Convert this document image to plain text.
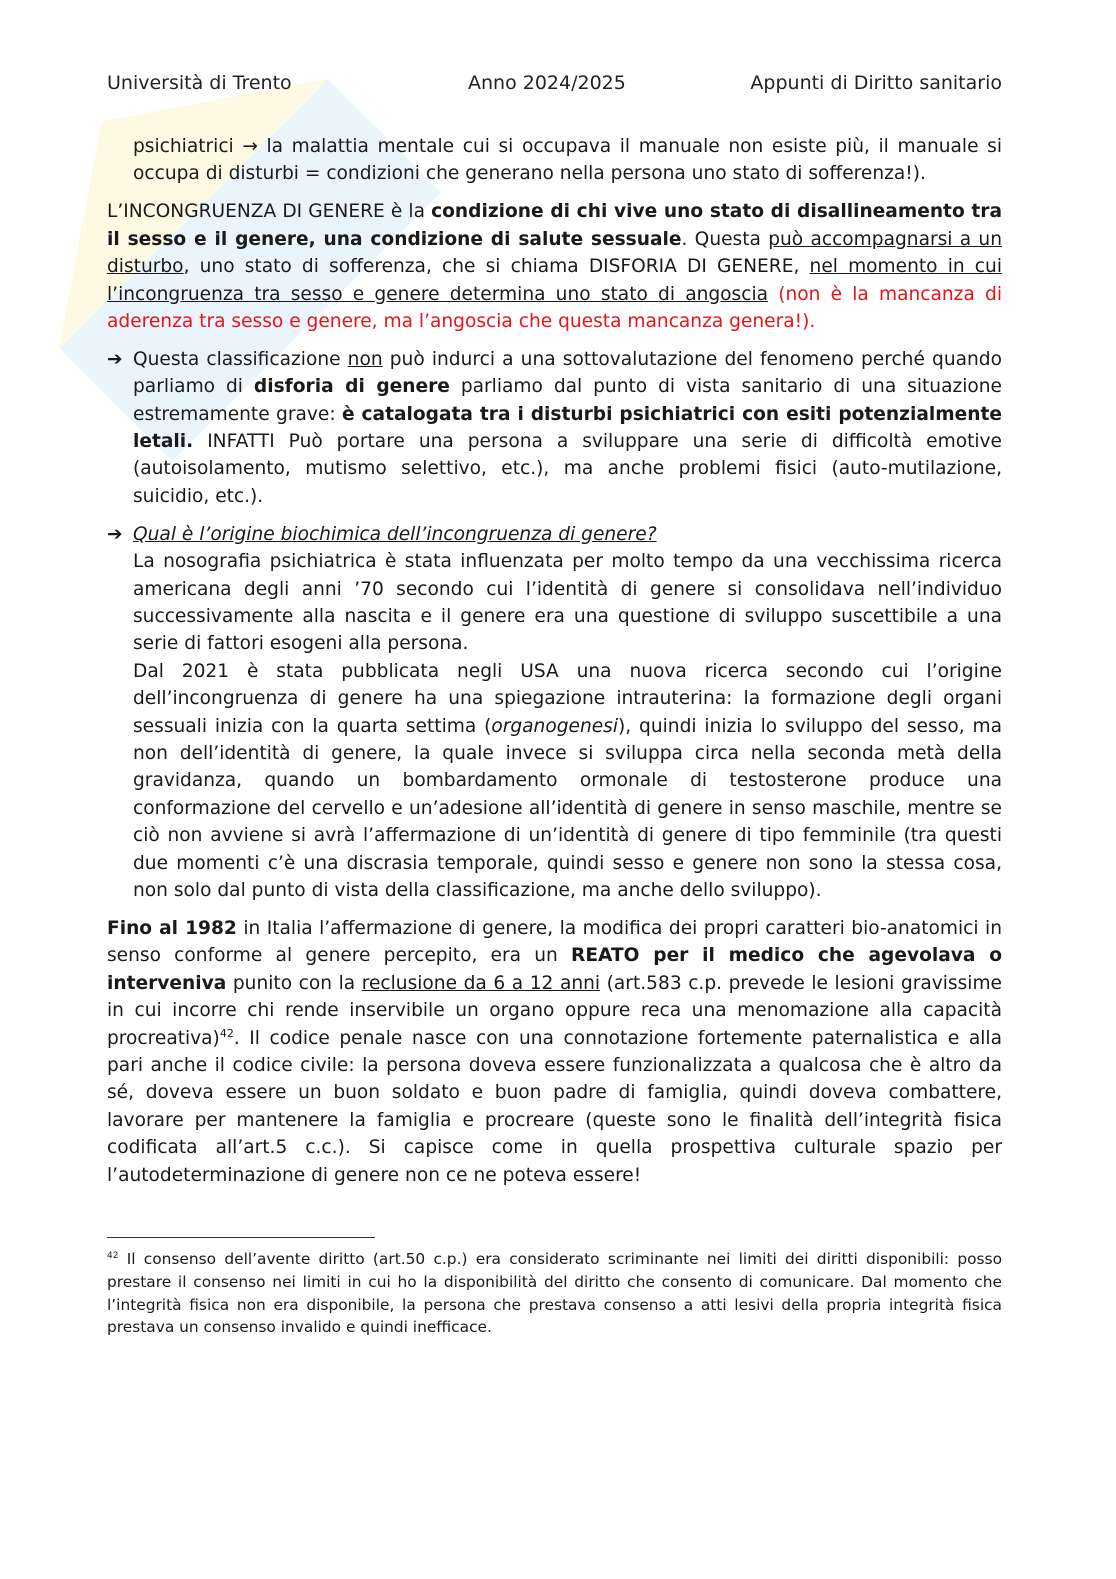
Università di Trento	Anno 2024/2025	Appunti di Diritto sanitario

psichiatrici → la malattia mentale cui si occupava il manuale non esiste più, il manuale si occupa di disturbi = condizioni che generano nella persona uno stato di sofferenza!).

L’INCONGRUENZA DI GENERE è la condizione di chi vive uno stato di disallineamento tra il sesso e il genere, una condizione di salute sessuale. Questa può accompagnarsi a un disturbo, uno stato di sofferenza, che si chiama DISFORIA DI GENERE, nel momento in cui l’incongruenza tra sesso e genere determina uno stato di angoscia (non è la mancanza di aderenza tra sesso e genere, ma l’angoscia che questa mancanza genera!).

➔ Questa classificazione non può indurci a una sottovalutazione del fenomeno perché quando parliamo di disforia di genere parliamo dal punto di vista sanitario di una situazione estremamente grave: è catalogata tra i disturbi psichiatrici con esiti potenzialmente letali. INFATTI Può portare una persona a sviluppare una serie di difficoltà emotive (autoisolamento, mutismo selettivo, etc.), ma anche problemi fisici (auto-mutilazione, suicidio, etc.).

➔ Qual è l’origine biochimica dell’incongruenza di genere?

La nosografia psichiatrica è stata influenzata per molto tempo da una vecchissima ricerca americana degli anni ’70 secondo cui l’identità di genere si consolidava nell’individuo successivamente alla nascita e il genere era una questione di sviluppo suscettibile a una serie di fattori esogeni alla persona.

Dal 2021 è stata pubblicata negli USA una nuova ricerca secondo cui l’origine dell’incongruenza di genere ha una spiegazione intrauterina: la formazione degli organi sessuali inizia con la quarta settima (organogenesi), quindi inizia lo sviluppo del sesso, ma non dell’identità di genere, la quale invece si sviluppa circa nella seconda metà della gravidanza, quando un bombardamento ormonale di testosterone produce una conformazione del cervello e un’adesione all’identità di genere in senso maschile, mentre se ciò non avviene si avrà l’affermazione di un’identità di genere di tipo femminile (tra questi due momenti c’è una discrasia temporale, quindi sesso e genere non sono la stessa cosa, non solo dal punto di vista della classificazione, ma anche dello sviluppo).

Fino al 1982 in Italia l’affermazione di genere, la modifica dei propri caratteri bio-anatomici in senso conforme al genere percepito, era un REATO per il medico che agevolava o interveniva punito con la reclusione da 6 a 12 anni (art.583 c.p. prevede le lesioni gravissime in cui incorre chi rende inservibile un organo oppure reca una menomazione alla capacità procreativa)$^{42}$. Il codice penale nasce con una connotazione fortemente paternalistica e alla pari anche il codice civile: la persona doveva essere funzionalizzata a qualcosa che è altro da sé, doveva essere un buon soldato e buon padre di famiglia, quindi doveva combattere, lavorare per mantenere la famiglia e procreare (queste sono le finalità dell’integrità fisica codificata all’art.5 c.c.). Si capisce come in quella prospettiva culturale spazio per l’autodeterminazione di genere non ce ne poteva essere!

$^{42}$ Il consenso dell’avente diritto (art.50 c.p.) era considerato scriminante nei limiti dei diritti disponibili: posso prestare il consenso nei limiti in cui ho la disponibilità del diritto che consento di comunicare. Dal momento che l’integrità fisica non era disponibile, la persona che prestava consenso a atti lesivi della propria integrità fisica prestava un consenso invalido e quindi inefficace.
